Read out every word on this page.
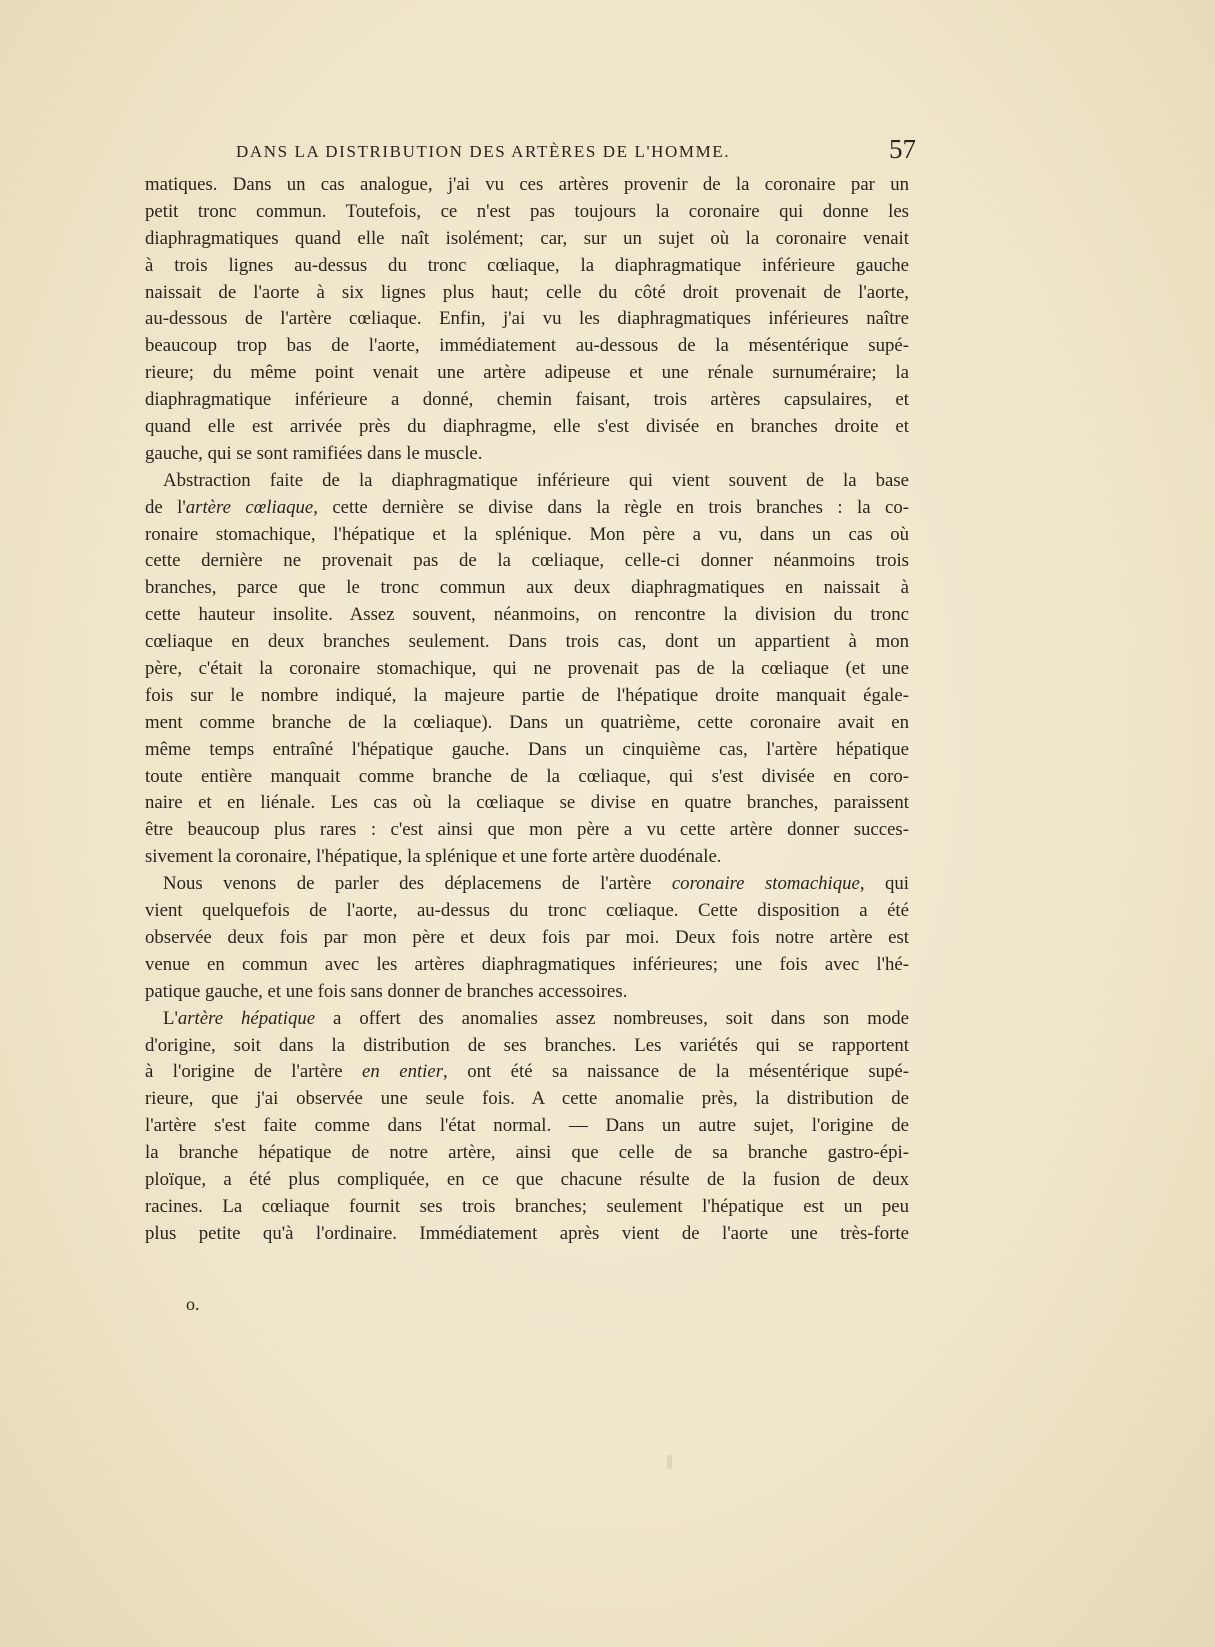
DANS LA DISTRIBUTION DES ARTÈRES DE L'HOMME.	57
matiques. Dans un cas analogue, j'ai vu ces artères provenir de la coronaire par un
petit tronc commun. Toutefois, ce n'est pas toujours la coronaire qui donne les
diaphragmatiques quand elle naît isolément; car, sur un sujet où la coronaire venait
à trois lignes au-dessus du tronc cœliaque, la diaphragmatique inférieure gauche
naissait de l'aorte à six lignes plus haut; celle du côté droit provenait de l'aorte,
au-dessous de l'artère cœliaque. Enfin, j'ai vu les diaphragmatiques inférieures naître
beaucoup trop bas de l'aorte, immédiatement au-dessous de la mésentérique supé-
rieure; du même point venait une artère adipeuse et une rénale surnuméraire; la
diaphragmatique inférieure a donné, chemin faisant, trois artères capsulaires, et
quand elle est arrivée près du diaphragme, elle s'est divisée en branches droite et
gauche, qui se sont ramifiées dans le muscle.
Abstraction faite de la diaphragmatique inférieure qui vient souvent de la base
de l'artère cœliaque, cette dernière se divise dans la règle en trois branches : la co-
ronaire stomachique, l'hépatique et la splénique. Mon père a vu, dans un cas où
cette dernière ne provenait pas de la cœliaque, celle-ci donner néanmoins trois
branches, parce que le tronc commun aux deux diaphragmatiques en naissait à
cette hauteur insolite. Assez souvent, néanmoins, on rencontre la division du tronc
cœliaque en deux branches seulement. Dans trois cas, dont un appartient à mon
père, c'était la coronaire stomachique, qui ne provenait pas de la cœliaque (et une
fois sur le nombre indiqué, la majeure partie de l'hépatique droite manquait égale-
ment comme branche de la cœliaque). Dans un quatrième, cette coronaire avait en
même temps entraîné l'hépatique gauche. Dans un cinquième cas, l'artère hépatique
toute entière manquait comme branche de la cœliaque, qui s'est divisée en coro-
naire et en liénale. Les cas où la cœliaque se divise en quatre branches, paraissent
être beaucoup plus rares : c'est ainsi que mon père a vu cette artère donner succes-
sivement la coronaire, l'hépatique, la splénique et une forte artère duodénale.
Nous venons de parler des déplacemens de l'artère coronaire stomachique, qui
vient quelquefois de l'aorte, au-dessus du tronc cœliaque. Cette disposition a été
observée deux fois par mon père et deux fois par moi. Deux fois notre artère est
venue en commun avec les artères diaphragmatiques inférieures; une fois avec l'hé-
patique gauche, et une fois sans donner de branches accessoires.
L'artère hépatique a offert des anomalies assez nombreuses, soit dans son mode
d'origine, soit dans la distribution de ses branches. Les variétés qui se rapportent
à l'origine de l'artère en entier, ont été sa naissance de la mésentérique supé-
rieure, que j'ai observée une seule fois. A cette anomalie près, la distribution de
l'artère s'est faite comme dans l'état normal. — Dans un autre sujet, l'origine de
la branche hépatique de notre artère, ainsi que celle de sa branche gastro-épi-
ploïque, a été plus compliquée, en ce que chacune résulte de la fusion de deux
racines. La cœliaque fournit ses trois branches; seulement l'hépatique est un peu
plus petite qu'à l'ordinaire. Immédiatement après vient de l'aorte une très-forte
o.
